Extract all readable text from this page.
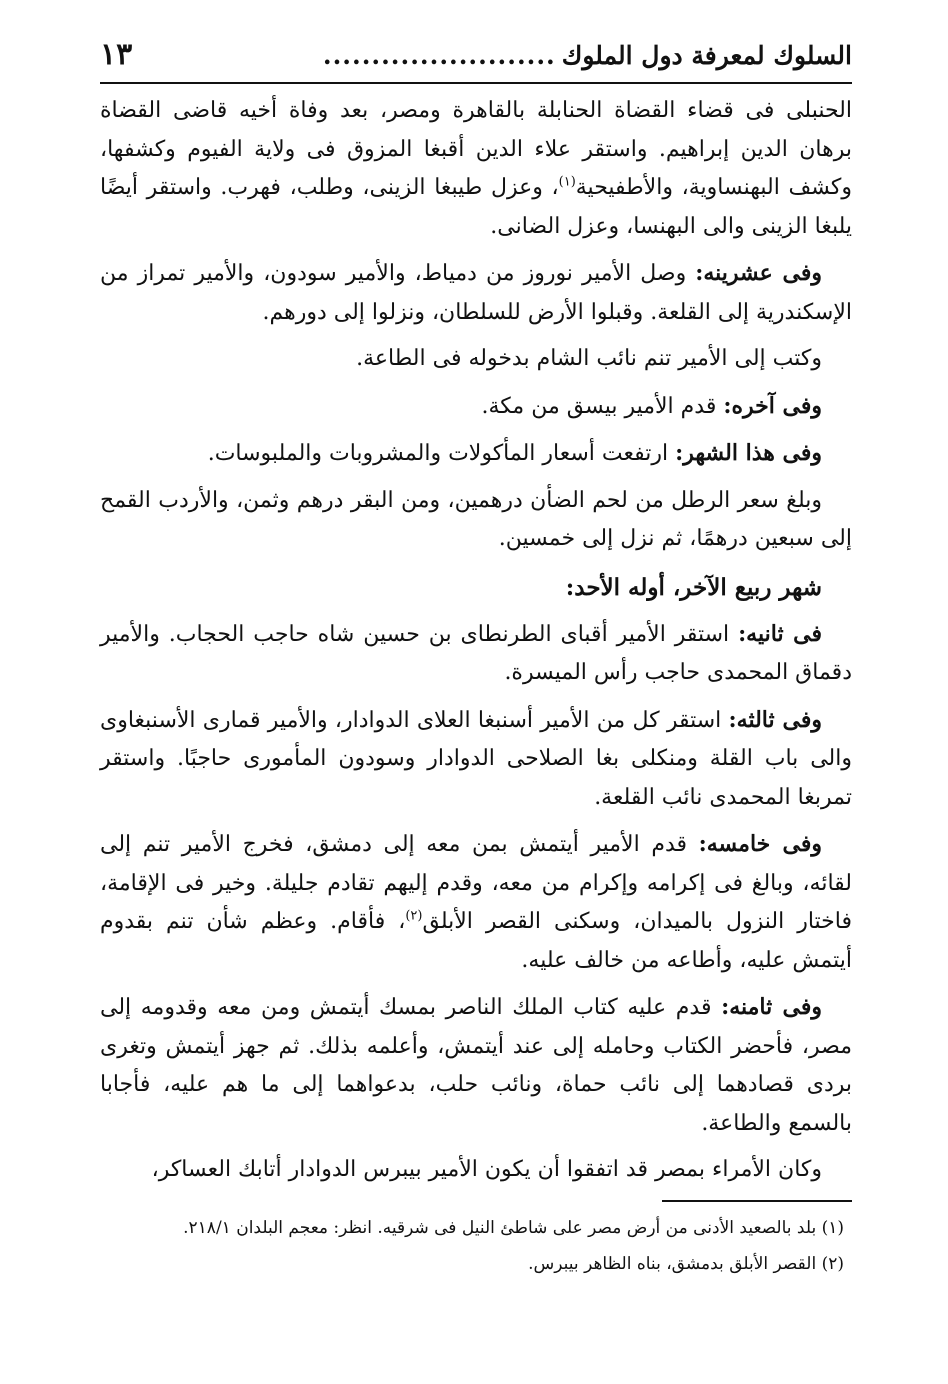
السلوك لمعرفة دول الملوك
........................
١٣

الحنبلى فى قضاء القضاة الحنابلة بالقاهرة ومصر، بعد وفاة أخيه قاضى القضاة برهان الدين إبراهيم. واستقر علاء الدين أقبغا المزوق فى ولاية الفيوم وكشفها، وكشف البهنساوية، والأطفيحية$^{(١)}$، وعزل طيبغا الزينى، وطلب، فهرب. واستقر أيضًا يلبغا الزينى والى البهنسا، وعزل الضانى.

وفى عشرينه: وصل الأمير نوروز من دمياط، والأمير سودون، والأمير تمراز من الإسكندرية إلى القلعة. وقبلوا الأرض للسلطان، ونزلوا إلى دورهم.

وكتب إلى الأمير تنم نائب الشام بدخوله فى الطاعة.

وفى آخره: قدم الأمير بيسق من مكة.

وفى هذا الشهر: ارتفعت أسعار المأكولات والمشروبات والملبوسات.

وبلغ سعر الرطل من لحم الضأن درهمين، ومن البقر درهم وثمن، والأردب القمح إلى سبعين درهمًا، ثم نزل إلى خمسين.

شهر ربيع الآخر، أوله الأحد:

فى ثانيه: استقر الأمير أقباى الطرنطاى بن حسين شاه حاجب الحجاب. والأمير دقماق المحمدى حاجب رأس الميسرة.

وفى ثالثه: استقر كل من الأمير أسنبغا العلاى الدوادار، والأمير قمارى الأسنبغاوى والى باب القلة ومنكلى بغا الصلاحى الدوادار وسودون المأمورى حاجبًا. واستقر تمربغا المحمدى نائب القلعة.

وفى خامسه: قدم الأمير أيتمش بمن معه إلى دمشق، فخرج الأمير تنم إلى لقائه، وبالغ فى إكرامه وإكرام من معه، وقدم إليهم تقادم جليلة. وخير فى الإقامة، فاختار النزول بالميدان، وسكنى القصر الأبلق$^{(٢)}$، فأقام. وعظم شأن تنم بقدوم أيتمش عليه، وأطاعه من خالف عليه.

وفى ثامنه: قدم عليه كتاب الملك الناصر بمسك أيتمش ومن معه وقدومه إلى مصر، فأحضر الكتاب وحامله إلى عند أيتمش، وأعلمه بذلك. ثم جهز أيتمش وتغرى بردى قصادهما إلى نائب حماة، ونائب حلب، بدعواهما إلى ما هم عليه، فأجابا بالسمع والطاعة.

وكان الأمراء بمصر قد اتفقوا أن يكون الأمير بيبرس الدوادار أتابك العساكر،

(١) بلد بالصعيد الأدنى من أرض مصر على شاطئ النيل فى شرقيه. انظر: معجم البلدان ٢١٨/١.

(٢) القصر الأبلق بدمشق، بناه الظاهر بيبرس.
